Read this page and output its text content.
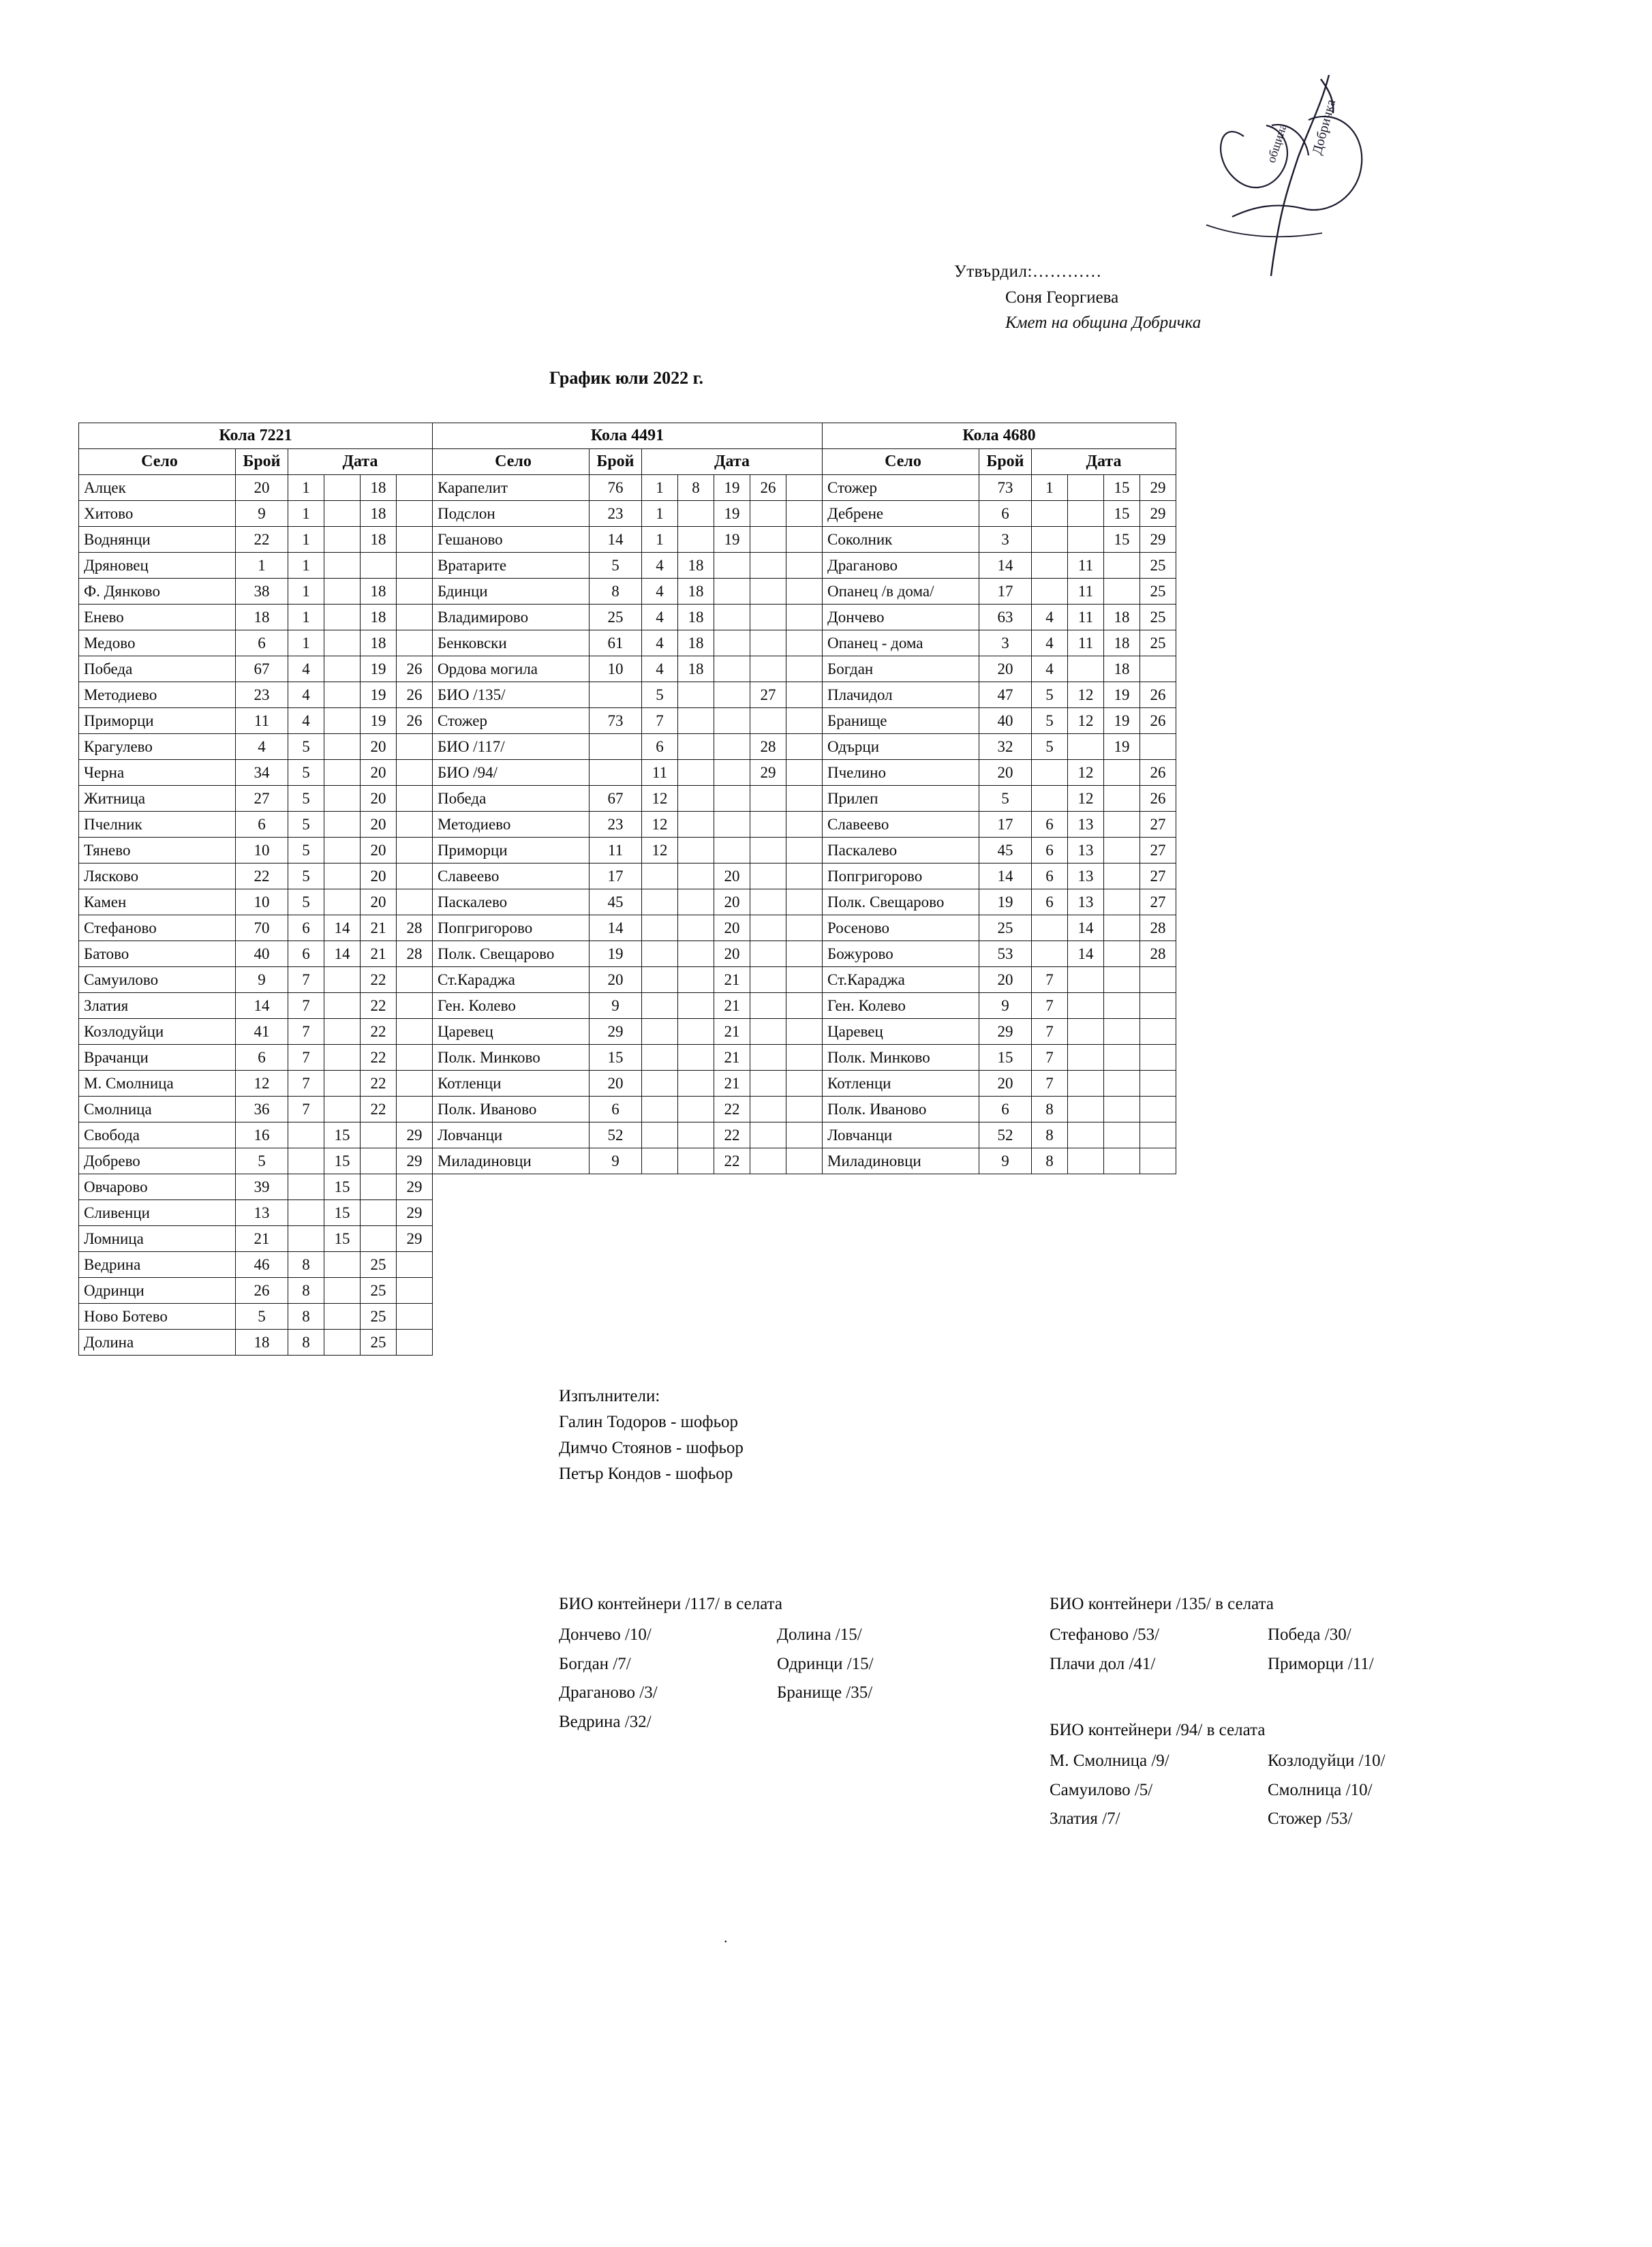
Добричка
община
Утвърдил:…………
Соня Георгиева
Кмет на община Добричка
График юли 2022 г.
Кола 7221						Кола 4491							Кола 4680					
Село	Брой	Дата				Село	Брой	Дата					Село	Брой	Дата			
Алцек	20	1		18		Карапелит	76	1	8	19	26		Стожер	73	1		15	29
Хитово	9	1		18		Подслон	23	1		19			Дебрене	6			15	29
Воднянци	22	1		18		Гешаново	14	1		19			Соколник	3			15	29
Дряновец	1	1				Вратарите	5	4	18				Драганово	14		11		25
Ф. Дянково	38	1		18		Бдинци	8	4	18				Опанец /в дома/	17		11		25
Енево	18	1		18		Владимирово	25	4	18				Дончево	63	4	11	18	25
Медово	6	1		18		Бенковски	61	4	18				Опанец - дома	3	4	11	18	25
Победа	67	4		19	26	Ордова могила	10	4	18				Богдан	20	4		18	
Методиево	23	4		19	26	БИО /135/		5			27		Плачидол	47	5	12	19	26
Приморци	11	4		19	26	Стожер	73	7					Бранище	40	5	12	19	26
Крагулево	4	5		20		БИО /117/		6			28		Одърци	32	5		19	
Черна	34	5		20		БИО /94/		11			29		Пчелино	20		12		26
Житница	27	5		20		Победа	67	12					Прилеп	5		12		26
Пчелник	6	5		20		Методиево	23	12					Славеево	17	6	13		27
Тянево	10	5		20		Приморци	11	12					Паскалево	45	6	13		27
Лясково	22	5		20		Славеево	17			20			Попгригорово	14	6	13		27
Камен	10	5		20		Паскалево	45			20			Полк. Свещарово	19	6	13		27
Стефаново	70	6	14	21	28	Попгригорово	14			20			Росеново	25		14		28
Батово	40	6	14	21	28	Полк. Свещарово	19			20			Божурово	53		14		28
Самуилово	9	7		22		Ст.Караджа	20			21			Ст.Караджа	20	7			
Златия	14	7		22		Ген. Колево	9			21			Ген. Колево	9	7			
Козлодуйци	41	7		22		Царевец	29			21			Царевец	29	7			
Врачанци	6	7		22		Полк. Минково	15			21			Полк. Минково	15	7			
М. Смолница	12	7		22		Котленци	20			21			Котленци	20	7			
Смолница	36	7		22		Полк. Иваново	6			22			Полк. Иваново	6	8			
Свобода	16		15		29	Ловчанци	52			22			Ловчанци	52	8			
Добрево	5		15		29	Миладиновци	9			22			Миладиновци	9	8			
Овчарово	39		15		29													
Сливенци	13		15		29													
Ломница	21		15		29													
Ведрина	46	8		25														
Одринци	26	8		25														
Ново Ботево	5	8		25														
Долина	18	8		25														
Изпълнители:
Галин Тодоров - шофьор
Димчо Стоянов - шофьор
Петър Кондов - шофьор
БИО контейнери /117/ в селата
Дончево /10/	Долина /15/
Богдан /7/	Одринци /15/
Драганово /3/	Бранище /35/
Ведрина /32/
БИО контейнери /135/ в селата
Стефаново /53/	Победа /30/
Плачи дол /41/	Приморци /11/
БИО контейнери /94/ в селата
М. Смолница /9/	Козлодуйци /10/
Самуилово /5/	Смолница /10/
Златия /7/	Стожер /53/
.
